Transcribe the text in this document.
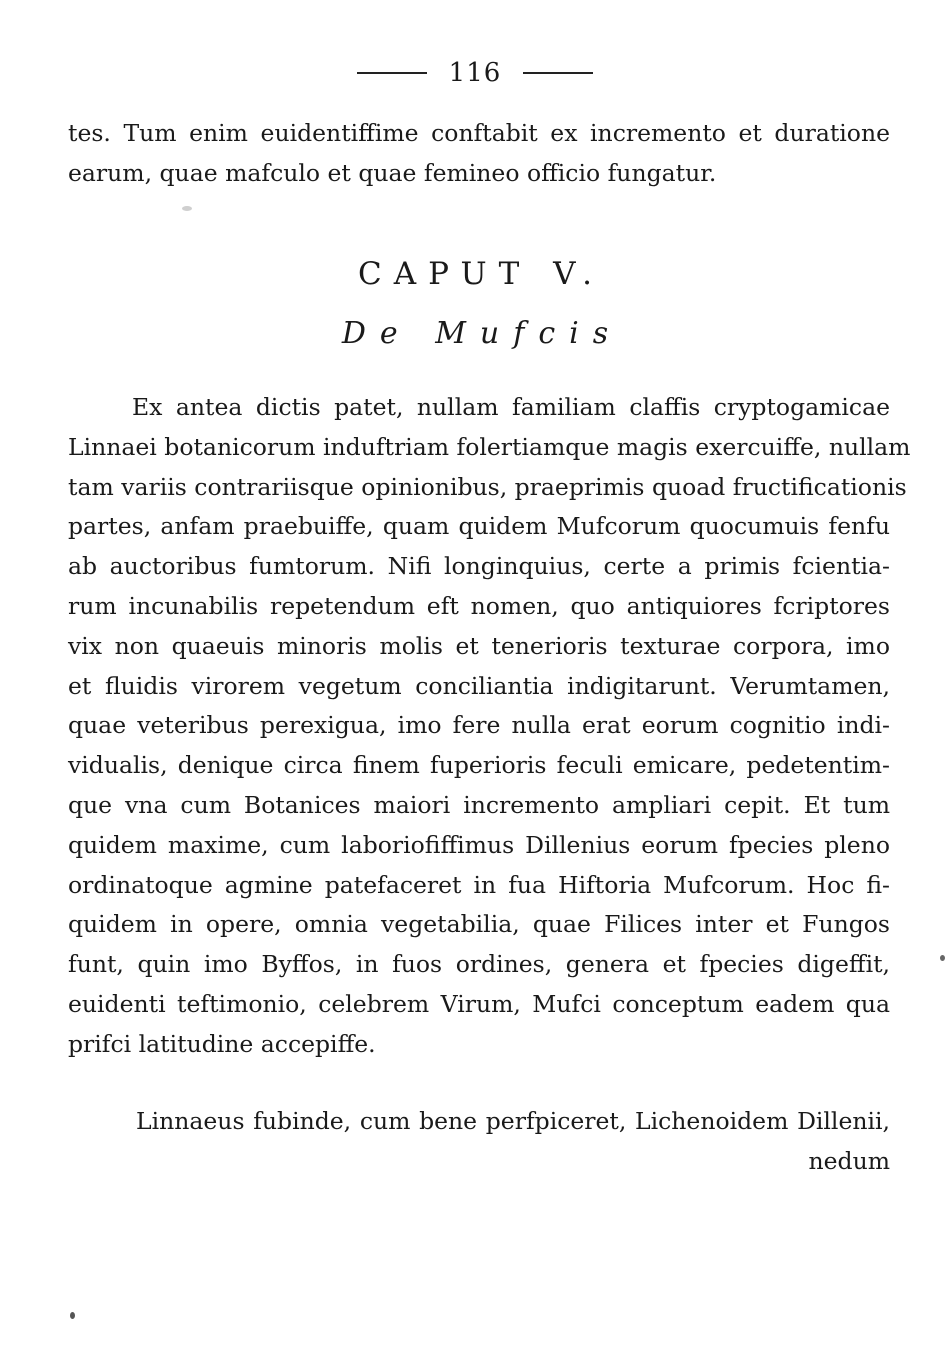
116
tes. Tum enim euidentiffime conftabit ex incremento et duratione
earum, quae mafculo et quae femineo officio fungatur.
CAPUT V.
De Mufcis
Ex antea dictis patet, nullam familiam claffis cryptogamicae
Linnaei botanicorum induftriam folertiamque magis exercuiffe, nullam
tam variis contrariisque opinionibus, praeprimis quoad fructificationis
partes, anfam praebuiffe, quam quidem Mufcorum quocumuis fenfu
ab auctoribus fumtorum. Nifi longinquius, certe a primis fcientia-
rum incunabilis repetendum eft nomen, quo antiquiores fcriptores
vix non quaeuis minoris molis et tenerioris texturae corpora, imo
et fluidis virorem vegetum conciliantia indigitarunt. Verumtamen,
quae veteribus perexigua, imo fere nulla erat eorum cognitio indi-
vidualis, denique circa finem fuperioris feculi emicare, pedetentim-
que vna cum Botanices maiori incremento ampliari cepit. Et tum
quidem maxime, cum laboriofiffimus Dillenius eorum fpecies pleno
ordinatoque agmine patefaceret in fua Hiftoria Mufcorum. Hoc fi-
quidem in opere, omnia vegetabilia, quae Filices inter et Fungos
funt, quin imo Byffos, in fuos ordines, genera et fpecies digeffit,
euidenti teftimonio, celebrem Virum, Mufci conceptum eadem qua
prifci latitudine accepiffe.
Linnaeus fubinde, cum bene perfpiceret, Lichenoidem Dillenii,
nedum
